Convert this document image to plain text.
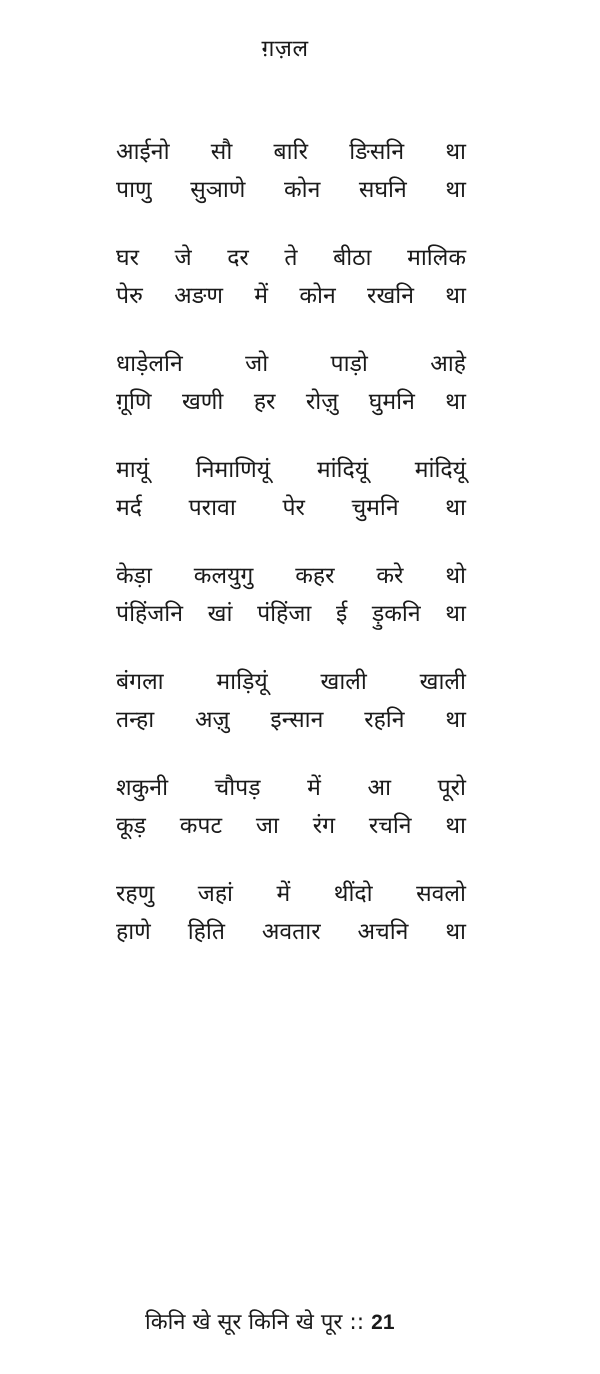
ग़ज़ल
आईनो सौ बारि ङिसनि था
पाणु सुञाणे कोन सघनि था
घर जे दर ते बीठा मालिक
पेरु अङण में कोन रखनि था
धाड़ेलनि	जो	पाड़ो	आहे
ग़ूणि खणी हर रोज़ु घुमनि था
मायूं निमाणियूं मांदियूं मांदियूं
मर्द परावा पेर चुमनि था
केड़ा कलयुगु कहर करे थो
पंहिंजनि खां पंहिंजा ई ड़ुकनि था
बंगला माड़ियूं खाली खाली
तन्हा अज़ु इन्सान रहनि था
शकुनी चौपड़ में आ पूरो
कूड़ कपट जा रंग रचनि था
रहणु जहां में थींदो सवलो
हाणे हिति अवतार अचनि था
किनि खे सूर किनि खे पूर :: 21
